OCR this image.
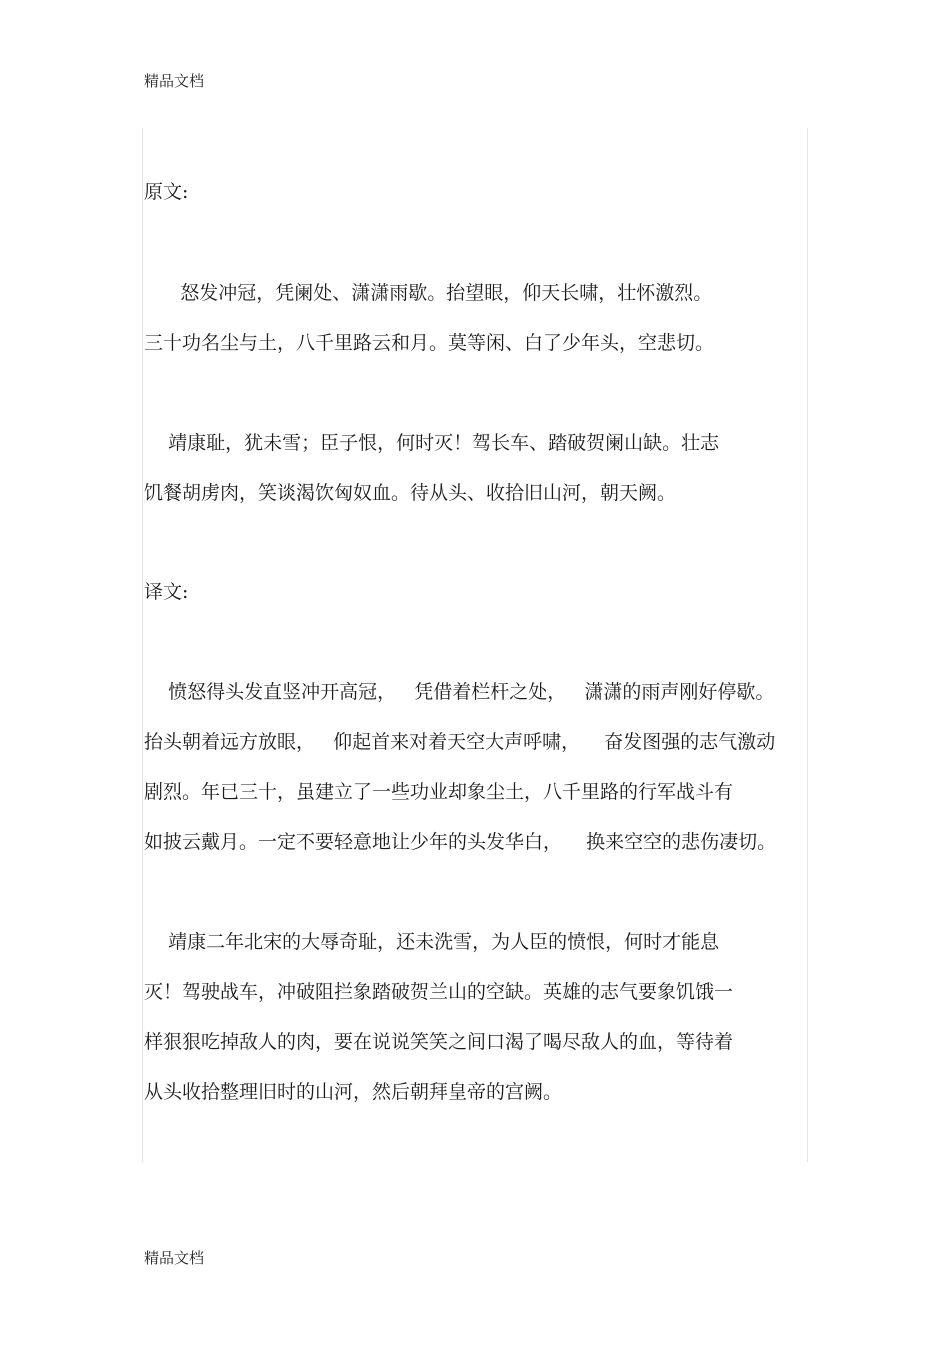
精品文档
原文:
怒发冲冠，凭阑处、潇潇雨歇。抬望眼，仰天长啸，壮怀激烈。
三十功名尘与土，八千里路云和月。莫等闲、白了少年头，空悲切。
靖康耻，犹未雪；臣子恨，何时灭！驾长车、踏破贺阑山缺。壮志
饥餐胡虏肉，笑谈渴饮匈奴血。待从头、收拾旧山河，朝天阙。
译文:
愤怒得头发直竖冲开高冠，   凭借着栏杆之处，   潇潇的雨声刚好停歇。
抬头朝着远方放眼，   仰起首来对着天空大声呼啸，    奋发图强的志气激动
剧烈。年已三十，虽建立了一些功业却象尘土，八千里路的行军战斗有
如披云戴月。一定不要轻意地让少年的头发华白，    换来空空的悲伤凄切。
靖康二年北宋的大辱奇耻，还未洗雪，为人臣的愤恨，何时才能息
灭！驾驶战车，冲破阻拦象踏破贺兰山的空缺。英雄的志气要象饥饿一
样狠狠吃掉敌人的肉，要在说说笑笑之间口渴了喝尽敌人的血，等待着
从头收拾整理旧时的山河，然后朝拜皇帝的宫阙。
精品文档
